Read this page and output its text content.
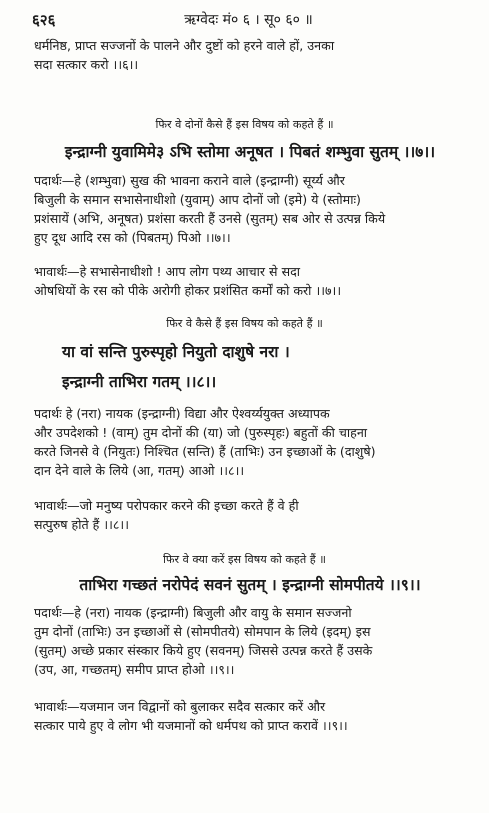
६२६	ऋग्वेदः मं० ६ । सू० ६० ॥
धर्मनिष्ठ, प्राप्त सज्जनों के पालने और दुष्टों को हरने वाले हों, उनका
सदा सत्कार करो ।।६।।
फिर वे दोनों कैसे हैं इस विषय को कहते हैं ॥
इन्द्राग्नी युवामिमे३ ऽभि स्तोमा अनूषत । पिबतं शम्भुवा सुतम् ।।७।।
पदार्थः—हे (शम्भुवा) सुख की भावना कराने वाले (इन्द्राग्नी) सूर्य्य और
बिजुली के समान सभासेनाधीशो (युवाम्) आप दोनों जो (इमे) ये (स्तोमाः)
प्रशंसायें (अभि, अनूषत) प्रशंसा करती हैं उनसे (सुतम्) सब ओर से उत्पन्न किये
हुए दूध आदि रस को (पिबतम्) पिओ ।।७।।
भावार्थः—हे सभासेनाधीशो ! आप लोग पथ्य आचार से सदा
ओषधियों के रस को पीके अरोगी होकर प्रशंसित कर्मों को करो ।।७।।
फिर वे कैसे हैं इस विषय को कहते हैं ॥
या वां सन्ति पुरुस्पृहो नियुतो दाशुषे नरा ।
इन्द्राग्नी ताभिरा गतम् ।।८।।
पदार्थः हे (नरा) नायक (इन्द्राग्नी) विद्या और ऐश्वर्य्ययुक्त अध्यापक
और उपदेशको ! (वाम्) तुम दोनों की (या) जो (पुरुस्पृहः) बहुतों की चाहना
करते जिनसे वे (नियुतः) निश्चित (सन्ति) हैं (ताभिः) उन इच्छाओं के (दाशुषे)
दान देने वाले के लिये (आ, गतम्) आओ ।।८।।
भावार्थः—जो मनुष्य परोपकार करने की इच्छा करते हैं वे ही
सत्पुरुष होते हैं ।।८।।
फिर वे क्या करें इस विषय को कहते हैं ॥
ताभिरा गच्छतं नरोपेदं सवनं सुतम् । इन्द्राग्नी सोमपीतये ।।९।।
पदार्थः—हे (नरा) नायक (इन्द्राग्नी) बिजुली और वायु के समान सज्जनो
तुम दोनों (ताभिः) उन इच्छाओं से (सोमपीतये) सोमपान के लिये (इदम्) इस
(सुतम्) अच्छे प्रकार संस्कार किये हुए (सवनम्) जिससे उत्पन्न करते हैं उसके
(उप, आ, गच्छतम्) समीप प्राप्त होओ ।।९।।
भावार्थः—यजमान जन विद्वानों को बुलाकर सदैव सत्कार करें और
सत्कार पाये हुए वे लोग भी यजमानों को धर्मपथ को प्राप्त करावें ।।९।।
